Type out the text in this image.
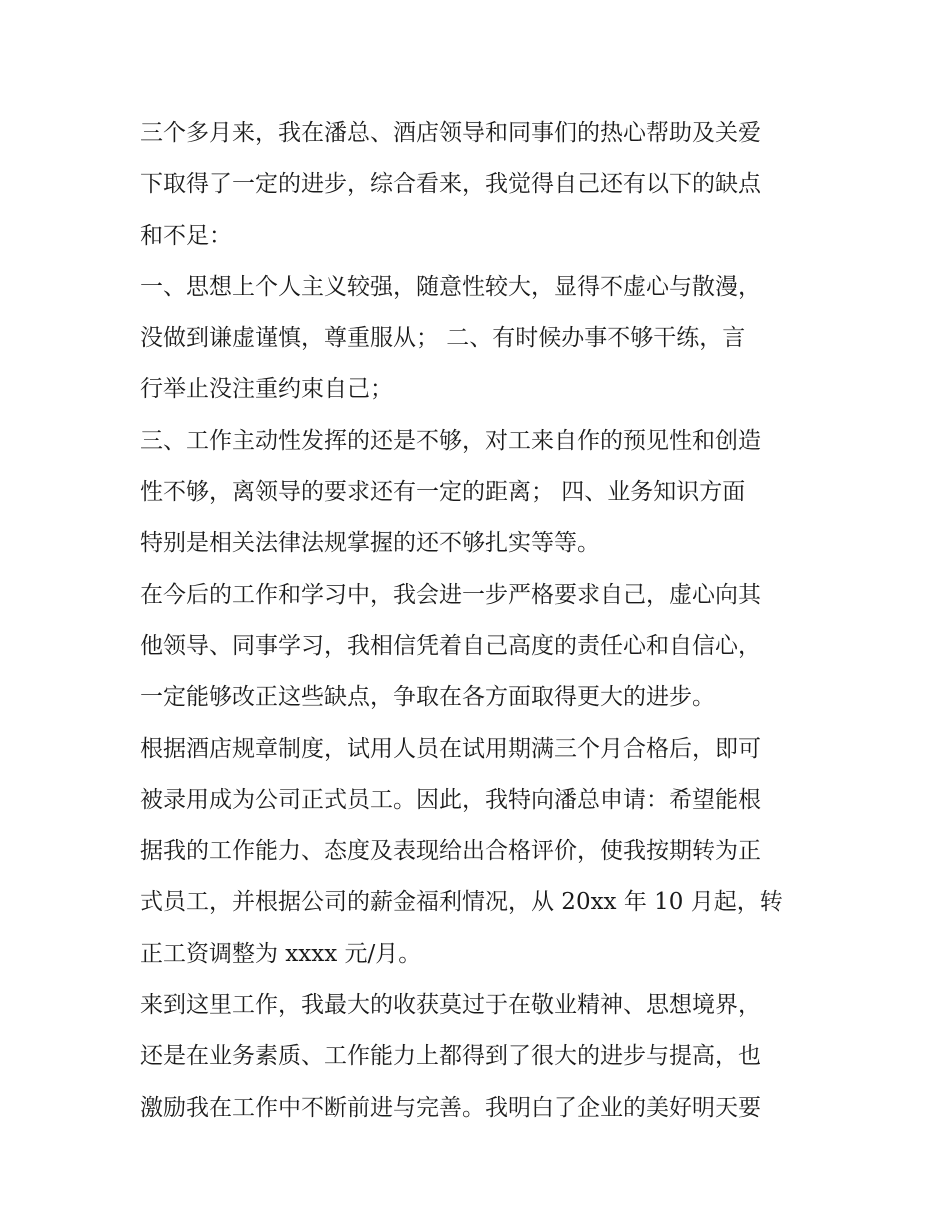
三个多月来，我在潘总、酒店领导和同事们的热心帮助及关爱
下取得了一定的进步，综合看来，我觉得自己还有以下的缺点
和不足：
一、思想上个人主义较强，随意性较大，显得不虚心与散漫，
没做到谦虚谨慎，尊重服从； 二、有时候办事不够干练，言
行举止没注重约束自己；
三、工作主动性发挥的还是不够，对工来自作的预见性和创造
性不够，离领导的要求还有一定的距离； 四、业务知识方面
特别是相关法律法规掌握的还不够扎实等等。
在今后的工作和学习中，我会进一步严格要求自己，虚心向其
他领导、同事学习，我相信凭着自己高度的责任心和自信心，
一定能够改正这些缺点，争取在各方面取得更大的进步。
根据酒店规章制度，试用人员在试用期满三个月合格后，即可
被录用成为公司正式员工。因此，我特向潘总申请：希望能根
据我的工作能力、态度及表现给出合格评价，使我按期转为正
式员工，并根据公司的薪金福利情况，从 20xx 年 10 月起，转
正工资调整为 xxxx 元/月。
来到这里工作，我最大的收获莫过于在敬业精神、思想境界，
还是在业务素质、工作能力上都得到了很大的进步与提高，也
激励我在工作中不断前进与完善。我明白了企业的美好明天要
